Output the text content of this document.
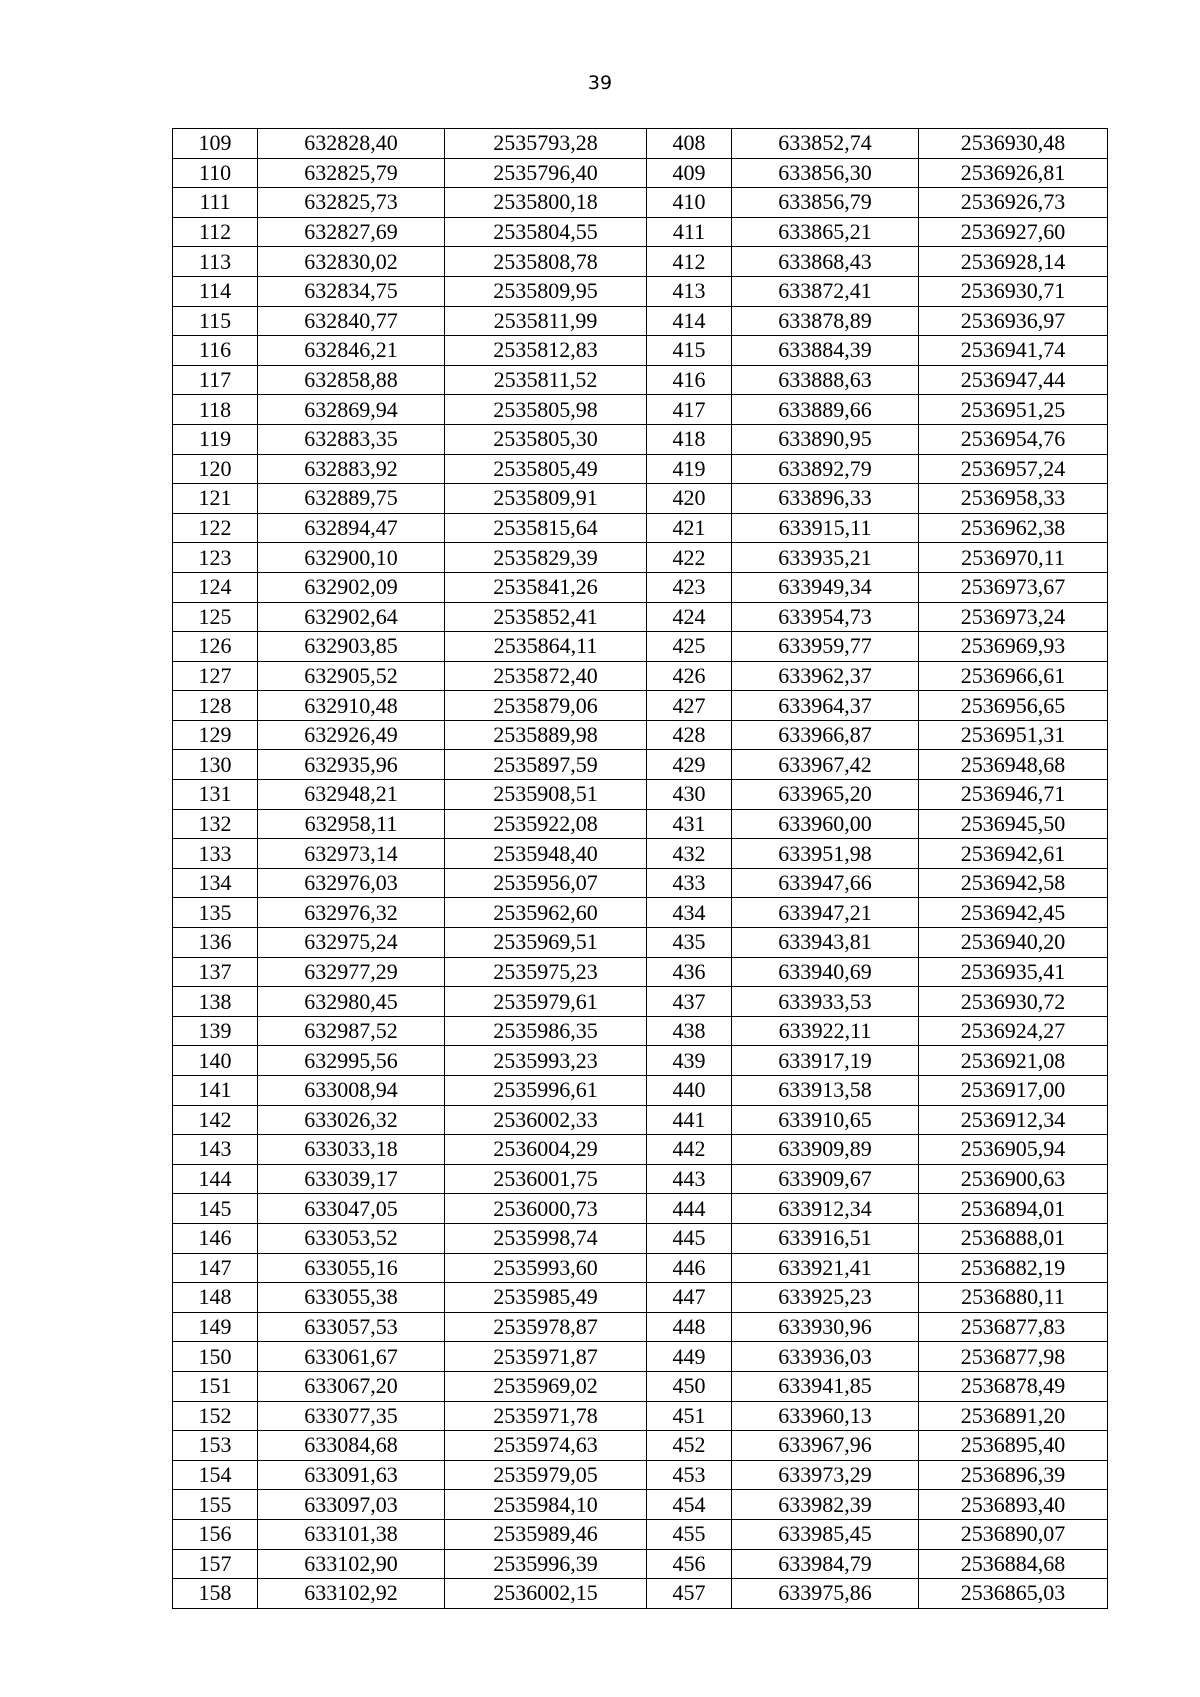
39
109	632828,40	2535793,28	408	633852,74	2536930,48
110	632825,79	2535796,40	409	633856,30	2536926,81
111	632825,73	2535800,18	410	633856,79	2536926,73
112	632827,69	2535804,55	411	633865,21	2536927,60
113	632830,02	2535808,78	412	633868,43	2536928,14
114	632834,75	2535809,95	413	633872,41	2536930,71
115	632840,77	2535811,99	414	633878,89	2536936,97
116	632846,21	2535812,83	415	633884,39	2536941,74
117	632858,88	2535811,52	416	633888,63	2536947,44
118	632869,94	2535805,98	417	633889,66	2536951,25
119	632883,35	2535805,30	418	633890,95	2536954,76
120	632883,92	2535805,49	419	633892,79	2536957,24
121	632889,75	2535809,91	420	633896,33	2536958,33
122	632894,47	2535815,64	421	633915,11	2536962,38
123	632900,10	2535829,39	422	633935,21	2536970,11
124	632902,09	2535841,26	423	633949,34	2536973,67
125	632902,64	2535852,41	424	633954,73	2536973,24
126	632903,85	2535864,11	425	633959,77	2536969,93
127	632905,52	2535872,40	426	633962,37	2536966,61
128	632910,48	2535879,06	427	633964,37	2536956,65
129	632926,49	2535889,98	428	633966,87	2536951,31
130	632935,96	2535897,59	429	633967,42	2536948,68
131	632948,21	2535908,51	430	633965,20	2536946,71
132	632958,11	2535922,08	431	633960,00	2536945,50
133	632973,14	2535948,40	432	633951,98	2536942,61
134	632976,03	2535956,07	433	633947,66	2536942,58
135	632976,32	2535962,60	434	633947,21	2536942,45
136	632975,24	2535969,51	435	633943,81	2536940,20
137	632977,29	2535975,23	436	633940,69	2536935,41
138	632980,45	2535979,61	437	633933,53	2536930,72
139	632987,52	2535986,35	438	633922,11	2536924,27
140	632995,56	2535993,23	439	633917,19	2536921,08
141	633008,94	2535996,61	440	633913,58	2536917,00
142	633026,32	2536002,33	441	633910,65	2536912,34
143	633033,18	2536004,29	442	633909,89	2536905,94
144	633039,17	2536001,75	443	633909,67	2536900,63
145	633047,05	2536000,73	444	633912,34	2536894,01
146	633053,52	2535998,74	445	633916,51	2536888,01
147	633055,16	2535993,60	446	633921,41	2536882,19
148	633055,38	2535985,49	447	633925,23	2536880,11
149	633057,53	2535978,87	448	633930,96	2536877,83
150	633061,67	2535971,87	449	633936,03	2536877,98
151	633067,20	2535969,02	450	633941,85	2536878,49
152	633077,35	2535971,78	451	633960,13	2536891,20
153	633084,68	2535974,63	452	633967,96	2536895,40
154	633091,63	2535979,05	453	633973,29	2536896,39
155	633097,03	2535984,10	454	633982,39	2536893,40
156	633101,38	2535989,46	455	633985,45	2536890,07
157	633102,90	2535996,39	456	633984,79	2536884,68
158	633102,92	2536002,15	457	633975,86	2536865,03
